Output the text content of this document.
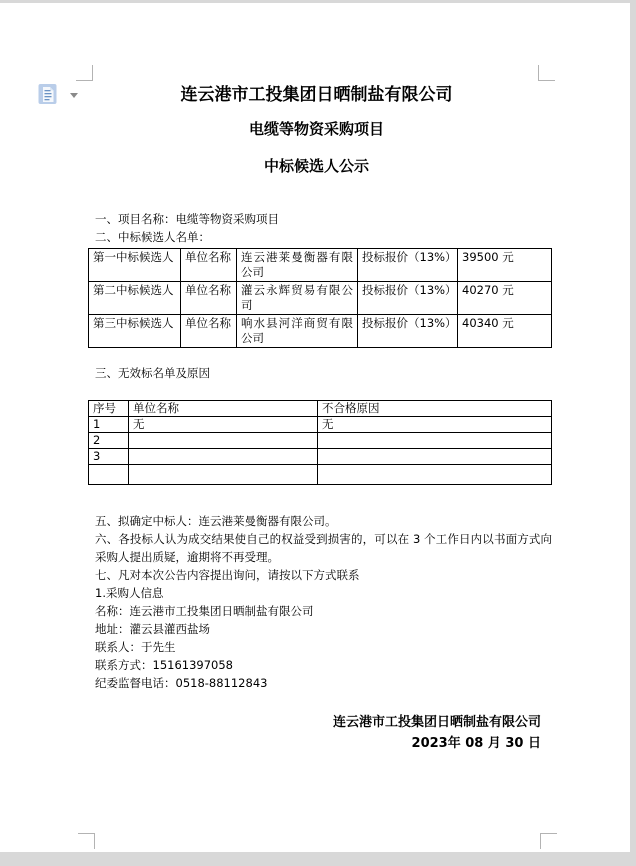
连云港市工投集团日晒制盐有限公司
电缆等物资采购项目
中标候选人公示

一、项目名称：电缆等物资采购项目

二、中标候选人名单：

第一中标候选人	单位名称	连云港莱曼衡器有限公司	投标报价（13%）	39500 元
第二中标候选人	单位名称	灌云永辉贸易有限公司	投标报价（13%）	40270 元
第三中标候选人	单位名称	响水县河洋商贸有限公司	投标报价（13%）	40340 元
三、无效标名单及原因
序号	单位名称	不合格原因
1	无	无
2		
3		

五、拟确定中标人：连云港莱曼衡器有限公司。

六、各投标人认为成交结果使自己的权益受到损害的，可以在 3 个工作日内以书面方式向采购人提出质疑，逾期将不再受理。

七、凡对本次公告内容提出询问，请按以下方式联系

1.采购人信息

名称：连云港市工投集团日晒制盐有限公司

地址：灌云县灌西盐场

联系人：于先生

联系方式：15161397058

纪委监督电话：0518-88112843

连云港市工投集团日晒制盐有限公司
2023年 08 月 30 日
